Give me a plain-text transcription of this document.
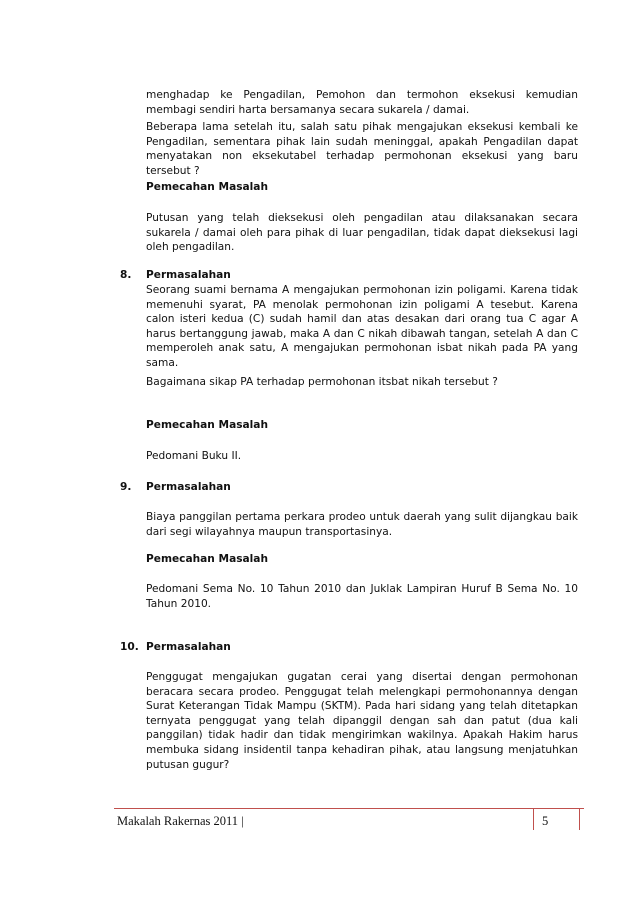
menghadap ke Pengadilan, Pemohon dan termohon eksekusi kemudian membagi sendiri harta bersamanya secara sukarela / damai.

Beberapa lama setelah itu, salah satu pihak mengajukan eksekusi kembali ke Pengadilan, sementara pihak lain sudah meninggal, apakah Pengadilan dapat menyatakan non eksekutabel terhadap permohonan eksekusi yang baru tersebut ?

Pemecahan Masalah

Putusan yang telah dieksekusi oleh pengadilan atau dilaksanakan secara sukarela / damai oleh para pihak di luar pengadilan, tidak dapat dieksekusi lagi oleh pengadilan.

8. Permasalahan

Seorang suami bernama A mengajukan permohonan izin poligami. Karena tidak memenuhi syarat, PA menolak permohonan izin poligami A tesebut. Karena calon isteri kedua (C) sudah hamil dan atas desakan dari orang tua C agar A harus bertanggung jawab, maka A dan C nikah dibawah tangan, setelah A dan C memperoleh anak satu, A mengajukan permohonan isbat nikah pada PA yang sama.

Bagaimana sikap PA terhadap permohonan itsbat nikah tersebut ?

Pemecahan Masalah

Pedomani Buku II.

9. Permasalahan

Biaya panggilan pertama perkara prodeo untuk daerah yang sulit dijangkau baik dari segi wilayahnya maupun transportasinya.

Pemecahan Masalah

Pedomani Sema No. 10 Tahun 2010 dan Juklak Lampiran Huruf B Sema No. 10 Tahun 2010.

10. Permasalahan

Penggugat mengajukan gugatan cerai yang disertai dengan permohonan beracara secara prodeo. Penggugat telah melengkapi permohonannya dengan Surat Keterangan Tidak Mampu (SKTM). Pada hari sidang yang telah ditetapkan ternyata penggugat yang telah dipanggil dengan sah dan patut (dua kali panggilan) tidak hadir dan tidak mengirimkan wakilnya. Apakah Hakim harus membuka sidang insidentil tanpa kehadiran pihak, atau langsung menjatuhkan putusan gugur?

Makalah Rakernas 2011 |	5
